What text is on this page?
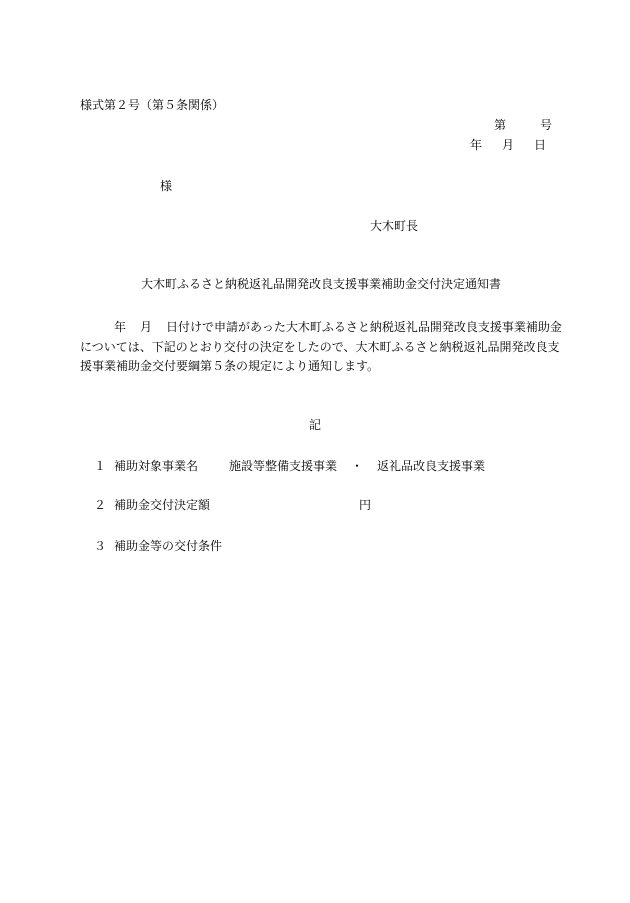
様式第２号（第５条関係）
第	号
年 月 日
様
大木町長
大木町ふるさと納税返礼品開発改良支援事業補助金交付決定通知書
年 月 日付けで申請があった大木町ふるさと納税返礼品開発改良支援事業補助金については、下記のとおり交付の決定をしたので、大木町ふるさと納税返礼品開発改良支援事業補助金交付要綱第５条の規定により通知します。
記
１ 補助対象事業名	施設等整備支援事業 ・ 返礼品改良支援事業
２ 補助金交付決定額	円
３ 補助金等の交付条件
